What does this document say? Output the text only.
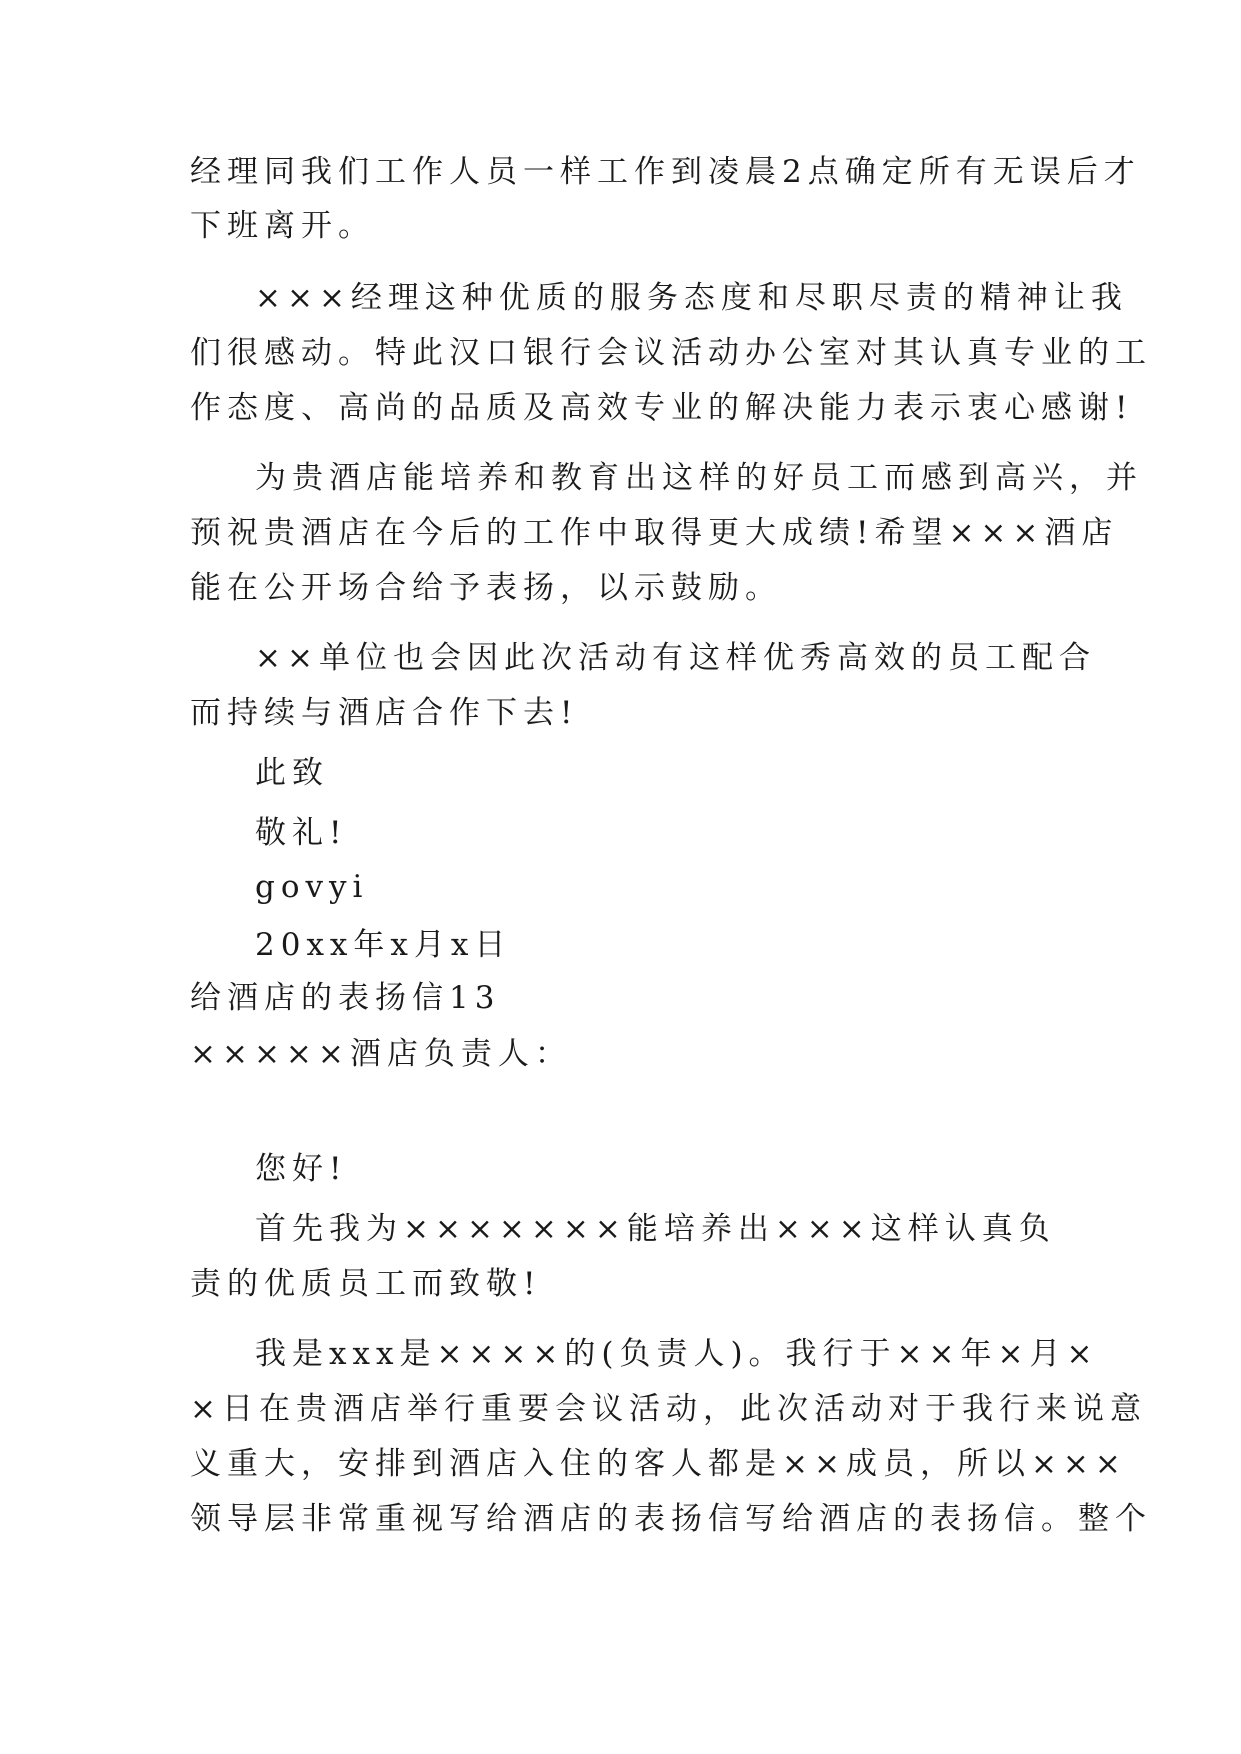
经理同我们工作人员一样工作到凌晨2点确定所有无误后才
下班离开。
×××经理这种优质的服务态度和尽职尽责的精神让我
们很感动。特此汉口银行会议活动办公室对其认真专业的工
作态度、高尚的品质及高效专业的解决能力表示衷心感谢!
为贵酒店能培养和教育出这样的好员工而感到高兴，并
预祝贵酒店在今后的工作中取得更大成绩!希望×××酒店
能在公开场合给予表扬，以示鼓励。
××单位也会因此次活动有这样优秀高效的员工配合
而持续与酒店合作下去!
此致
敬礼!
govyi
20xx年x月x日
给酒店的表扬信13
×××××酒店负责人：
您好!
首先我为×××××××能培养出×××这样认真负
责的优质员工而致敬!
我是xxx是××××的(负责人)。我行于××年×月×
×日在贵酒店举行重要会议活动，此次活动对于我行来说意
义重大，安排到酒店入住的客人都是××成员，所以×××
领导层非常重视写给酒店的表扬信写给酒店的表扬信。整个
